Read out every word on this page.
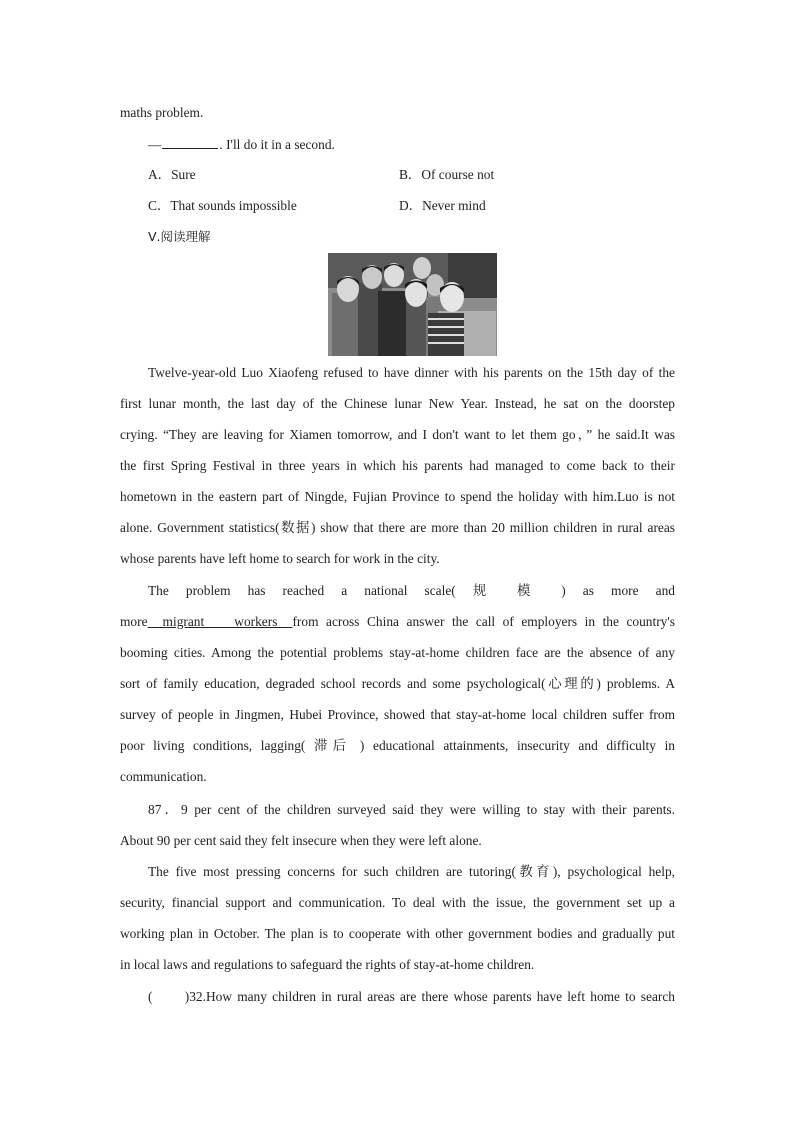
maths problem.
—	. I'll do it in a second.
A．Sure	B．Of course not
C．That sounds impossible	D．Never mind
Ⅴ.阅读理解
Twelve-year-old Luo Xiaofeng refused to have dinner with his parents on the 15th day of the
first lunar month, the last day of the Chinese lunar New Year. Instead, he sat on the doorstep
crying. “They are leaving for Xiamen tomorrow, and I don't want to let them go，” he said.It was
the first Spring Festival in three years in which his parents had managed to come back to their
hometown in the eastern part of Ningde, Fujian Province to spend the holiday with him.Luo is not
alone. Government statistics(数据) show that there are more than 20 million children in rural areas
whose parents have left home to search for work in the city.
The problem has reached a national scale( 规 模 ) as more and
more  migrant    workers  from across China answer the call of employers in the country's
booming cities. Among the potential problems stay-at-home children face are the absence of any
sort of family education, degraded school records and some psychological(心理的) problems. A
survey of people in Jingmen, Hubei Province, showed that stay-at-home local children suffer from
poor living conditions, lagging( 滞后 ) educational attainments, insecurity and difficulty in
communication.
87．9 per cent of the children surveyed said they were willing to stay with their parents.
About 90 per cent said they felt insecure when they were left alone.
The five most pressing concerns for such children are tutoring(教育), psychological help,
security, financial support and communication. To deal with the issue, the government set up a
working plan in October. The plan is to cooperate with other government bodies and gradually put
in local laws and regulations to safeguard the rights of stay-at-home children.
(　　)32.How many children in rural areas are there whose parents have left home to search
